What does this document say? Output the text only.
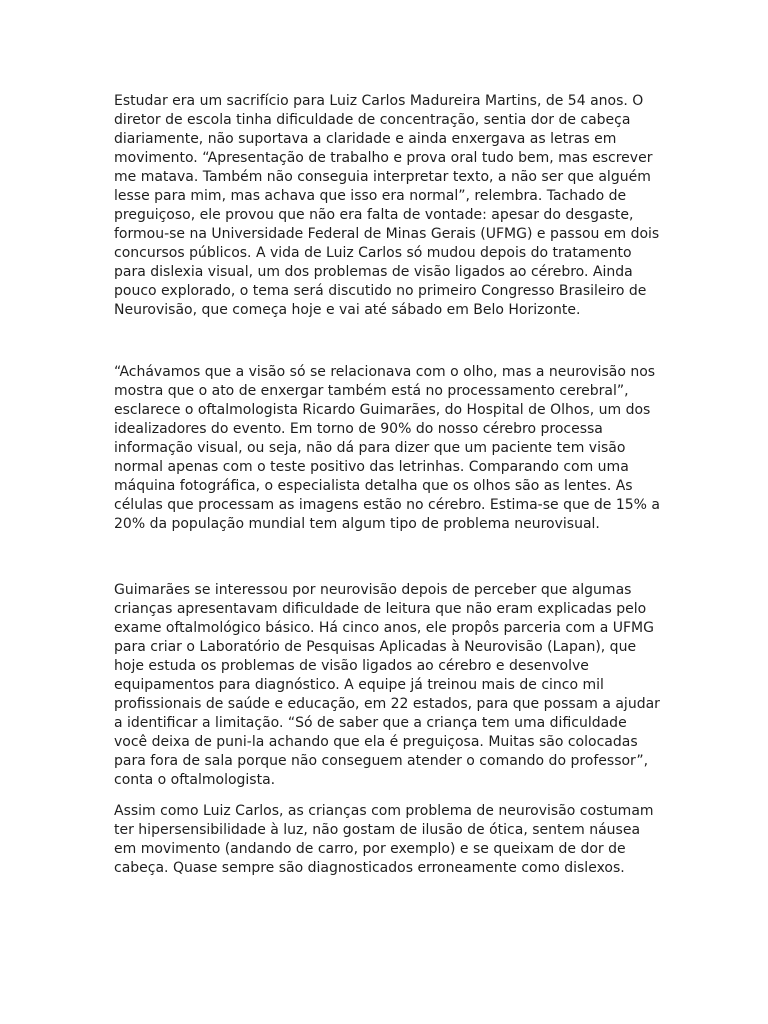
Estudar era um sacrifício para Luiz Carlos Madureira Martins, de 54 anos. O diretor de escola tinha dificuldade de concentração, sentia dor de cabeça diariamente, não suportava a claridade e ainda enxergava as letras em movimento. “Apresentação de trabalho e prova oral tudo bem, mas escrever me matava. Também não conseguia interpretar texto, a não ser que alguém lesse para mim, mas achava que isso era normal”, relembra. Tachado de preguiçoso, ele provou que não era falta de vontade: apesar do desgaste, formou-se na Universidade Federal de Minas Gerais (UFMG) e passou em dois concursos públicos. A vida de Luiz Carlos só mudou depois do tratamento para dislexia visual, um dos problemas de visão ligados ao cérebro. Ainda pouco explorado, o tema será discutido no primeiro Congresso Brasileiro de Neurovisão, que começa hoje e vai até sábado em Belo Horizonte.

“Achávamos que a visão só se relacionava com o olho, mas a neurovisão nos mostra que o ato de enxergar também está no processamento cerebral”, esclarece o oftalmologista Ricardo Guimarães, do Hospital de Olhos, um dos idealizadores do evento. Em torno de 90% do nosso cérebro processa informação visual, ou seja, não dá para dizer que um paciente tem visão normal apenas com o teste positivo das letrinhas. Comparando com uma máquina fotográfica, o especialista detalha que os olhos são as lentes. As células que processam as imagens estão no cérebro. Estima-se que de 15% a 20% da população mundial tem algum tipo de problema neurovisual.

Guimarães se interessou por neurovisão depois de perceber que algumas crianças apresentavam dificuldade de leitura que não eram explicadas pelo exame oftalmológico básico. Há cinco anos, ele propôs parceria com a UFMG para criar o Laboratório de Pesquisas Aplicadas à Neurovisão (Lapan), que hoje estuda os problemas de visão ligados ao cérebro e desenvolve equipamentos para diagnóstico. A equipe já treinou mais de cinco mil profissionais de saúde e educação, em 22 estados, para que possam a ajudar a identificar a limitação. “Só de saber que a criança tem uma dificuldade você deixa de puni-la achando que ela é preguiçosa. Muitas são colocadas para fora de sala porque não conseguem atender o comando do professor”, conta o oftalmologista.

Assim como Luiz Carlos, as crianças com problema de neurovisão costumam ter hipersensibilidade à luz, não gostam de ilusão de ótica, sentem náusea em movimento (andando de carro, por exemplo) e se queixam de dor de cabeça. Quase sempre são diagnosticados erroneamente como dislexos.
